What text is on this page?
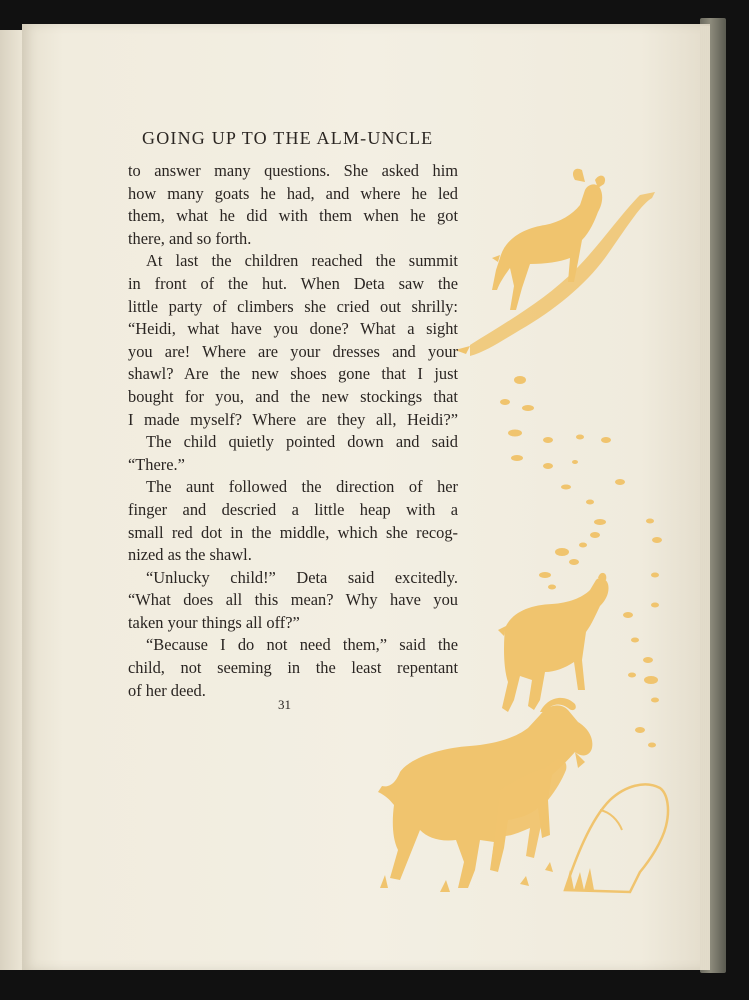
GOING UP TO THE ALM-UNCLE
to answer many questions. She asked him
how many goats he had, and where he led
them, what he did with them when he got
there, and so forth.
At last the children reached the summit
in front of the hut. When Deta saw the
little party of climbers she cried out shrilly:
“Heidi, what have you done? What a sight
you are! Where are your dresses and your
shawl? Are the new shoes gone that I just
bought for you, and the new stockings that
I made myself? Where are they all, Heidi?”
The child quietly pointed down and said
“There.”
The aunt followed the direction of her
finger and descried a little heap with a
small red dot in the middle, which she recog-
nized as the shawl.
“Unlucky child!” Deta said excitedly.
“What does all this mean? Why have you
taken your things all off?”
“Because I do not need them,” said the
child, not seeming in the least repentant
of her deed.
31
